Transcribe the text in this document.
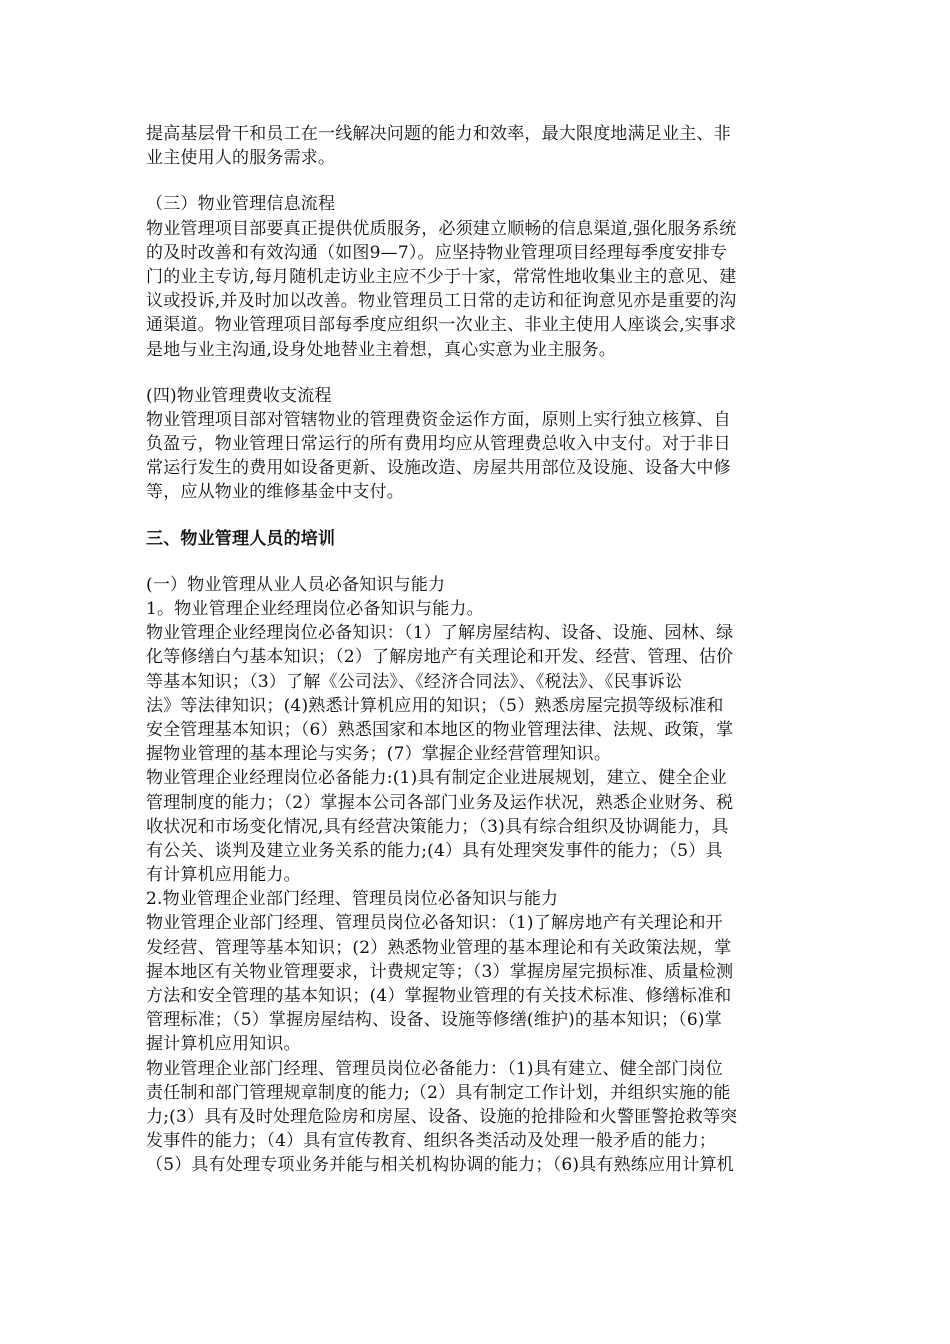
提高基层骨干和员工在一线解决问题的能力和效率，最大限度地满足业主、非
业主使用人的服务需求。
（三）物业管理信息流程
物业管理项目部要真正提供优质服务，必须建立顺畅的信息渠道,强化服务系统
的及时改善和有效沟通（如图9—7）。应坚持物业管理项目经理每季度安排专
门的业主专访,每月随机走访业主应不少于十家，常常性地收集业主的意见、建
议或投诉,并及时加以改善。物业管理员工日常的走访和征询意见亦是重要的沟
通渠道。物业管理项目部每季度应组织一次业主、非业主使用人座谈会,实事求
是地与业主沟通,设身处地替业主着想，真心实意为业主服务。
(四)物业管理费收支流程
物业管理项目部对管辖物业的管理费资金运作方面，原则上实行独立核算、自
负盈亏，物业管理日常运行的所有费用均应从管理费总收入中支付。对于非日
常运行发生的费用如设备更新、设施改造、房屋共用部位及设施、设备大中修
等，应从物业的维修基金中支付。
三、物业管理人员的培训
(一）物业管理从业人员必备知识与能力
1。物业管理企业经理岗位必备知识与能力。
物业管理企业经理岗位必备知识：（1）了解房屋结构、设备、设施、园林、绿
化等修缮白勺基本知识；（2）了解房地产有关理论和开发、经营、管理、估价
等基本知识；（3）了解《公司法》、《经济合同法》、《税法》、《民事诉讼
法》等法律知识；(4)熟悉计算机应用的知识；（5）熟悉房屋完损等级标准和
安全管理基本知识；（6）熟悉国家和本地区的物业管理法律、法规、政策，掌
握物业管理的基本理论与实务；(7）掌握企业经营管理知识。
物业管理企业经理岗位必备能力:(1)具有制定企业进展规划，建立、健全企业
管理制度的能力；（2）掌握本公司各部门业务及运作状况，熟悉企业财务、税
收状况和市场变化情况,具有经营决策能力；（3)具有综合组织及协调能力，具
有公关、谈判及建立业务关系的能力;(4）具有处理突发事件的能力；（5）具
有计算机应用能力。
2.物业管理企业部门经理、管理员岗位必备知识与能力
物业管理企业部门经理、管理员岗位必备知识：（1)了解房地产有关理论和开
发经营、管理等基本知识；(2）熟悉物业管理的基本理论和有关政策法规，掌
握本地区有关物业管理要求，计费规定等；（3）掌握房屋完损标准、质量检测
方法和安全管理的基本知识；(4）掌握物业管理的有关技术标准、修缮标准和
管理标准；（5）掌握房屋结构、设备、设施等修缮(维护)的基本知识；（6)掌
握计算机应用知识。
物业管理企业部门经理、管理员岗位必备能力：（1)具有建立、健全部门岗位
责任制和部门管理规章制度的能力;（2）具有制定工作计划，并组织实施的能
力;(3）具有及时处理危险房和房屋、设备、设施的抢排险和火警匪警抢救等突
发事件的能力；（4）具有宣传教育、组织各类活动及处理一般矛盾的能力；
（5）具有处理专项业务并能与相关机构协调的能力；（6)具有熟练应用计算机
